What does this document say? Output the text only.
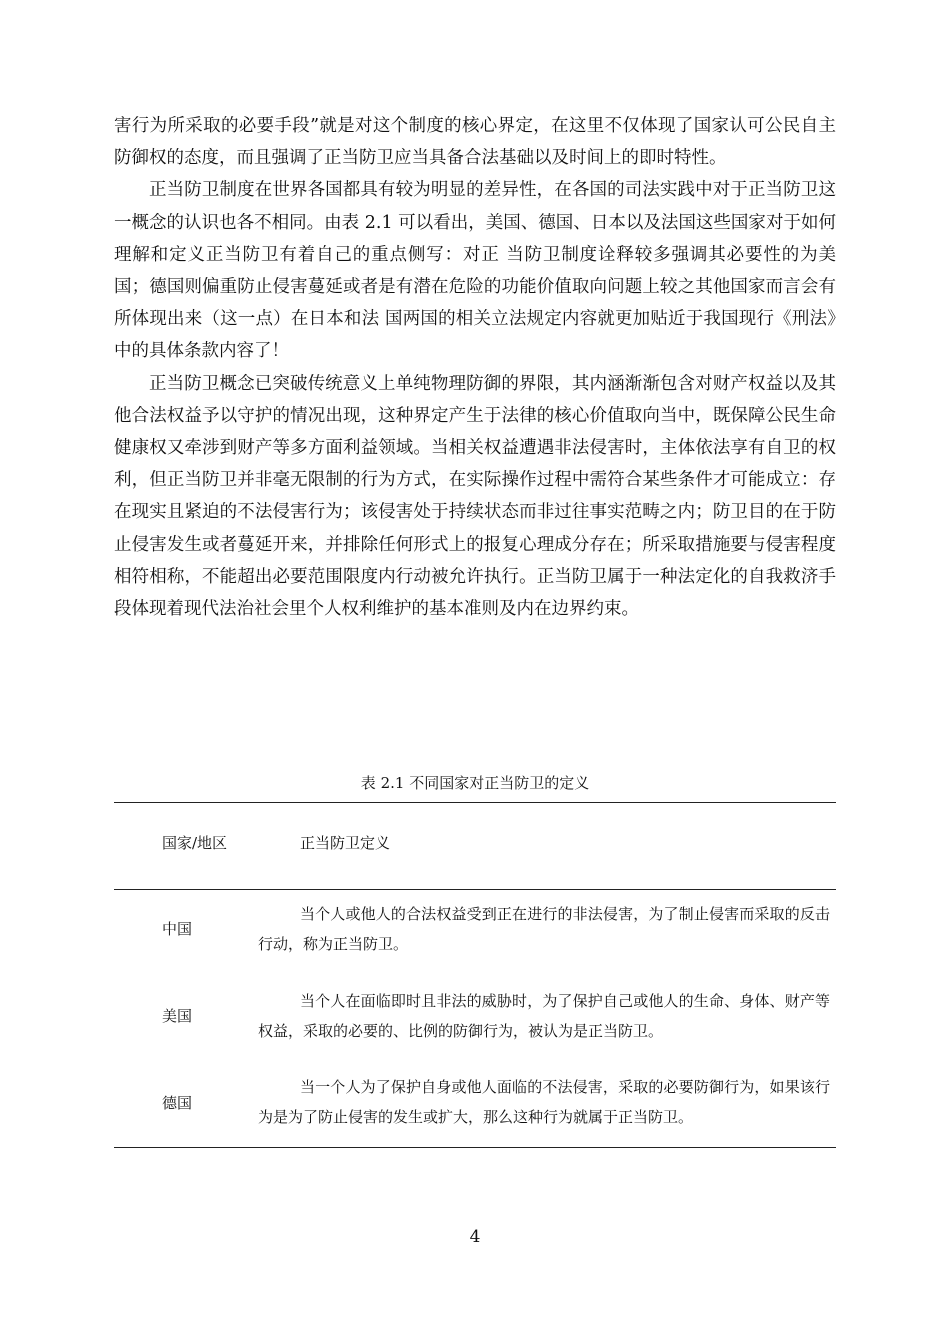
害行为所采取的必要手段”就是对这个制度的核心界定，在这里不仅体现了国家认可公民自主防御权的态度，而且强调了正当防卫应当具备合法基础以及时间上的即时特性。

正当防卫制度在世界各国都具有较为明显的差异性，在各国的司法实践中对于正当防卫这一概念的认识也各不相同。由表 2.1 可以看出，美国、德国、日本以及法国这些国家对于如何理解和定义正当防卫有着自己的重点侧写：对正 当防卫制度诠释较多强调其必要性的为美国；德国则偏重防止侵害蔓延或者是有潜在危险的功能价值取向问题上较之其他国家而言会有所体现出来（这一点）在日本和法 国两国的相关立法规定内容就更加贴近于我国现行《刑法》中的具体条款内容了！

正当防卫概念已突破传统意义上单纯物理防御的界限，其内涵渐渐包含对财产权益以及其他合法权益予以守护的情况出现，这种界定产生于法律的核心价值取向当中，既保障公民生命健康权又牵涉到财产等多方面利益领域。当相关权益遭遇非法侵害时，主体依法享有自卫的权利，但正当防卫并非毫无限制的行为方式，在实际操作过程中需符合某些条件才可能成立：存在现实且紧迫的不法侵害行为；该侵害处于持续状态而非过往事实范畴之内；防卫目的在于防止侵害发生或者蔓延开来，并排除任何形式上的报复心理成分存在；所采取措施要与侵害程度相符相称，不能超出必要范围限度内行动被允许执行。正当防卫属于一种法定化的自我救济手段体现着现代法治社会里个人权利维护的基本准则及内在边界约束。

表 2.1 不同国家对正当防卫的定义
国家/地区	正当防卫定义
中国
当个人或他人的合法权益受到正在进行的非法侵害，为了制止侵害而采取的反击行动，称为正当防卫。
美国
当个人在面临即时且非法的威胁时，为了保护自己或他人的生命、身体、财产等权益，采取的必要的、比例的防御行为，被认为是正当防卫。
德国
当一个人为了保护自身或他人面临的不法侵害，采取的必要防御行为，如果该行为是为了防止侵害的发生或扩大，那么这种行为就属于正当防卫。
4
